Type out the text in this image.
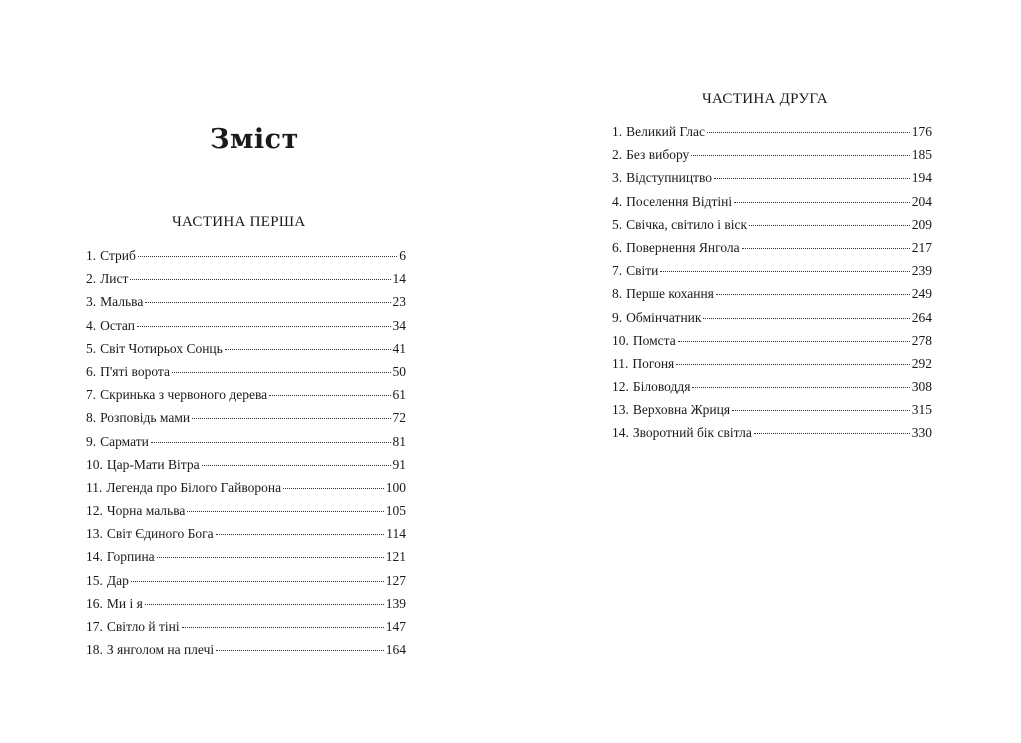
Зміст
ЧАСТИНА ПЕРША
1. Стриб	6
2. Лист	14
3. Мальва	23
4. Остап	34
5. Світ Чотирьох Сонць	41
6. П'яті ворота	50
7. Скринька з червоного дерева	61
8. Розповідь мами	72
9. Сармати	81
10. Цар-Мати Вітра	91
11. Легенда про Білого Гайворона	100
12. Чорна мальва	105
13. Світ Єдиного Бога	114
14. Горпина	121
15. Дар	127
16. Ми і я	139
17. Світло й тіні	147
18. З янголом на плечі	164
ЧАСТИНА ДРУГА
1. Великий Глас	176
2. Без вибору	185
3. Відступництво	194
4. Поселення Відтіні	204
5. Свічка, світило і віск	209
6. Повернення Янгола	217
7. Світи	239
8. Перше кохання	249
9. Обмінчатник	264
10. Помста	278
11. Погоня	292
12. Біловоддя	308
13. Верховна Жриця	315
14. Зворотний бік світла	330
